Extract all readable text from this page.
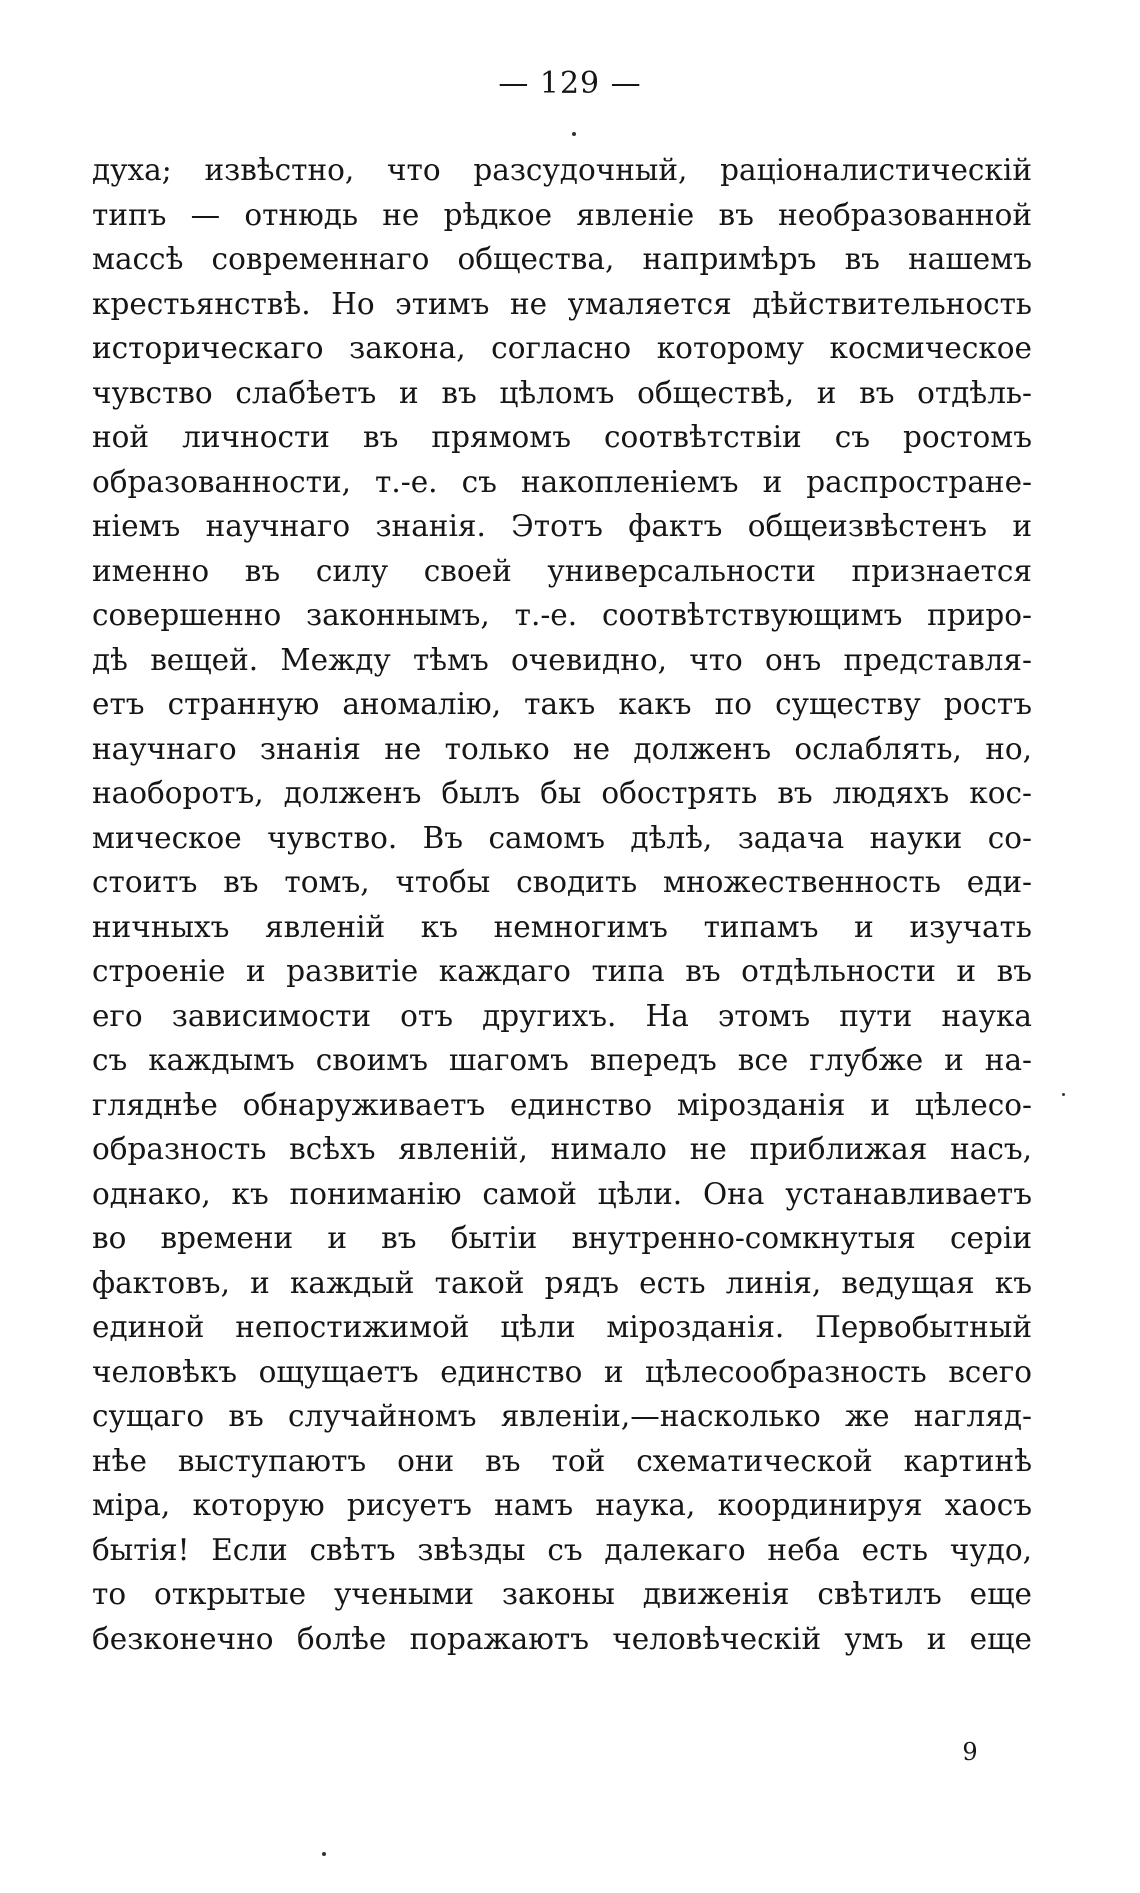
— 129 —
духа; извѣстно, что разсудочный, раціоналистическій
типъ — отнюдь не рѣдкое явленіе въ необразованной
массѣ современнаго общества, напримѣръ въ нашемъ
крестьянствѣ. Но этимъ не умаляется дѣйствительность
историческаго закона, согласно которому космическое
чувство слабѣетъ и въ цѣломъ обществѣ, и въ отдѣль-
ной личности въ прямомъ соотвѣтствіи съ ростомъ
образованности, т.-е. съ накопленіемъ и распростране-
ніемъ научнаго знанія. Этотъ фактъ общеизвѣстенъ и
именно въ силу своей универсальности признается
совершенно законнымъ, т.-е. соотвѣтствующимъ приро-
дѣ вещей. Между тѣмъ очевидно, что онъ представля-
етъ странную аномалію, такъ какъ по существу ростъ
научнаго знанія не только не долженъ ослаблять, но,
наоборотъ, долженъ былъ бы обострять въ людяхъ кос-
мическое чувство. Въ самомъ дѣлѣ, задача науки со-
стоитъ въ томъ, чтобы сводить множественность еди-
ничныхъ явленій къ немногимъ типамъ и изучать
строеніе и развитіе каждаго типа въ отдѣльности и въ
его зависимости отъ другихъ. На этомъ пути наука
съ каждымъ своимъ шагомъ впередъ все глубже и на-
гляднѣе обнаруживаетъ единство мірозданія и цѣлесо-
образность всѣхъ явленій, нимало не приближая насъ,
однако, къ пониманію самой цѣли. Она устанавливаетъ
во времени и въ бытіи внутренно-сомкнутыя серіи
фактовъ, и каждый такой рядъ есть линія, ведущая къ
единой непостижимой цѣли мірозданія. Первобытный
человѣкъ ощущаетъ единство и цѣлесообразность всего
сущаго въ случайномъ явленіи,—насколько же нагляд-
нѣе выступаютъ они въ той схематической картинѣ
міра, которую рисуетъ намъ наука, координируя хаосъ
бытія! Если свѣтъ звѣзды съ далекаго неба есть чудо,
то открытые учеными законы движенія свѣтилъ еще
безконечно болѣе поражаютъ человѣческій умъ и еще
9
